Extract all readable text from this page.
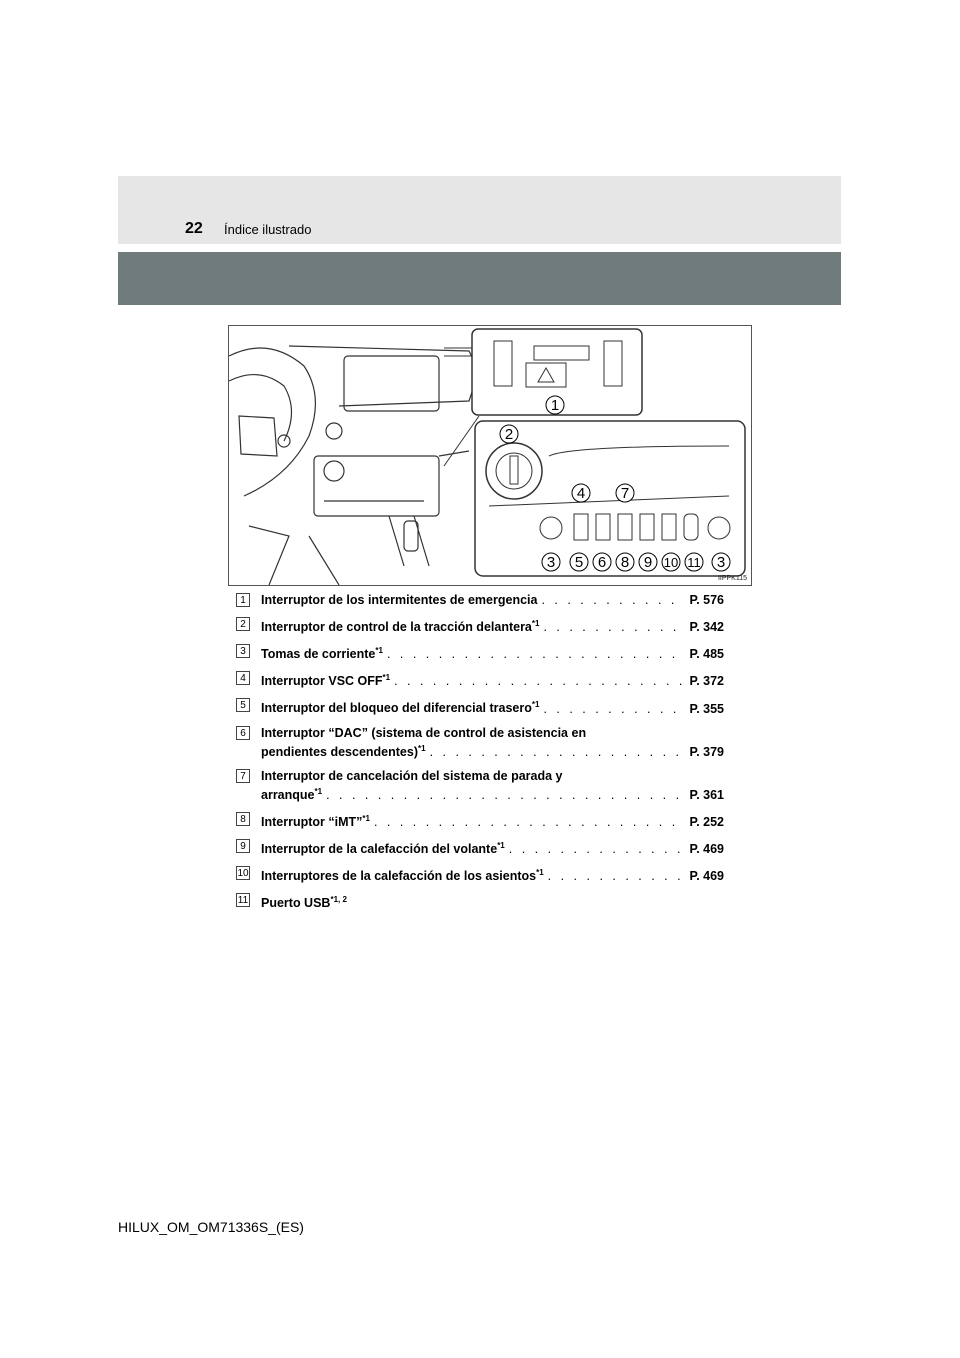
22 Índice ilustrado
1
2
4 7
3 5 6 8 9 10 11 3
IIPPK115
1	Interruptor de los intermitentes de emergencia . . .	P. 576
2	Interruptor de control de la tracción delantera$^{*1}$ . . .	P. 342
3	Tomas de corriente$^{*1}$ . . .	P. 485
4	Interruptor VSC OFF$^{*1}$ . . .	P. 372
5	Interruptor del bloqueo del diferencial trasero$^{*1}$ . . .	P. 355
6	Interruptor “DAC” (sistema de control de asistencia en
pendientes descendentes)$^{*1}$ . . .	P. 379
7	Interruptor de cancelación del sistema de parada y
arranque$^{*1}$ . . .	P. 361
8	Interruptor “iMT”$^{*1}$ . . .	P. 252
9	Interruptor de la calefacción del volante$^{*1}$ . . .	P. 469
10 Interruptores de la calefacción de los asientos$^{*1}$ . . .	P. 469
11 Puerto USB$^{*1, 2}$
HILUX_OM_OM71336S_(ES)
